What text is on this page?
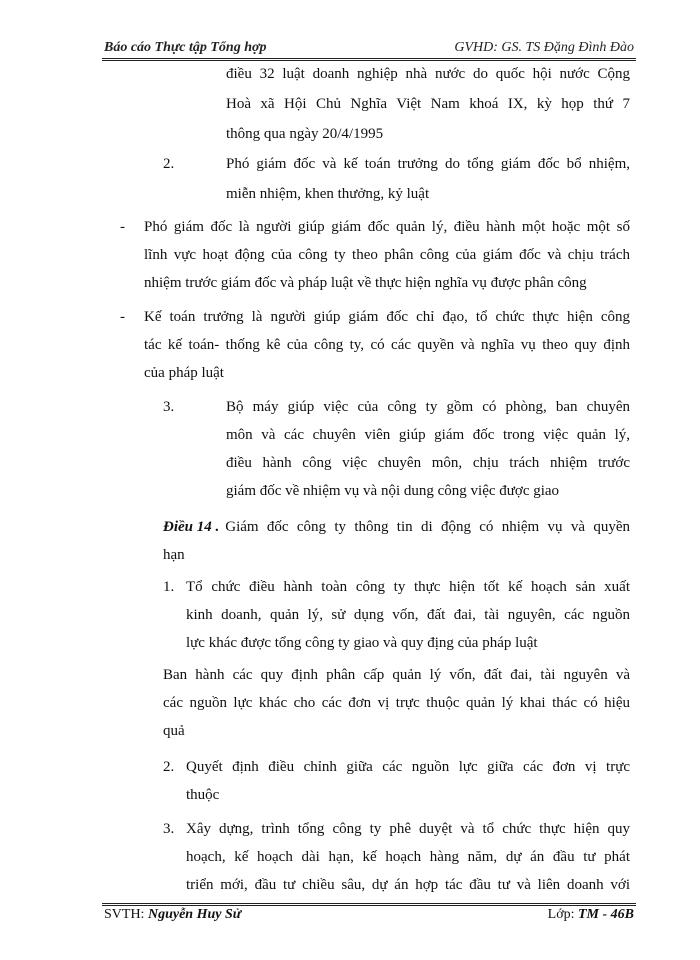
Báo cáo Thực tập Tổng hợp	GVHD: GS. TS Đặng Đình Đào
điều 32 luật doanh nghiệp nhà nước do quốc hội nước Cộng
Hoà xã Hội Chủ Nghĩa Việt Nam khoá IX, kỳ họp thứ 7
thông qua ngày 20/4/1995
2.	Phó giám đốc và kế toán trưởng do tổng giám đốc bổ nhiệm,
miễn nhiệm, khen thưởng, kỷ luật
- Phó giám đốc là người giúp giám đốc quản lý, điều hành một hoặc một số
lĩnh vực hoạt động của công ty theo phân công của giám đốc và chịu trách
nhiệm trước giám đốc và pháp luật về thực hiện nghĩa vụ được phân công
- Kế toán trưởng là người giúp giám đốc chỉ đạo, tổ chức thực hiện công
tác kế toán- thống kê của công ty, có các quyền và nghĩa vụ theo quy định
của pháp luật
3.	Bộ máy giúp việc của công ty gồm có phòng, ban chuyên
môn và các chuyên viên giúp giám đốc trong việc quản lý,
điều hành công việc chuyên môn, chịu trách nhiệm trước
giám đốc về nhiệm vụ và nội dung công việc được giao
Điều 14 . Giám đốc công ty thông tin di động có nhiệm vụ và quyền
hạn
1. Tổ chức điều hành toàn công ty thực hiện tốt kế hoạch sản xuất
kinh doanh, quản lý, sử dụng vốn, đất đai, tài nguyên, các nguồn
lực khác được tổng công ty giao và quy địng của pháp luật
Ban hành các quy định phân cấp quản lý vốn, đất đai, tài nguyên và
các nguồn lực khác cho các đơn vị trực thuộc quản lý khai thác có hiệu
quả
2. Quyết định điều chỉnh giữa các nguồn lực giữa các đơn vị trực
thuộc
3. Xây dựng, trình tổng công ty phê duyệt và tổ chức thực hiện quy
hoạch, kế hoạch dài hạn, kế hoạch hàng năm, dự án đầu tư phát
triển mới, đầu tư chiều sâu, dự án hợp tác đầu tư và liên doanh với
SVTH: Nguyễn Huy Sử	Lớp: TM - 46B
